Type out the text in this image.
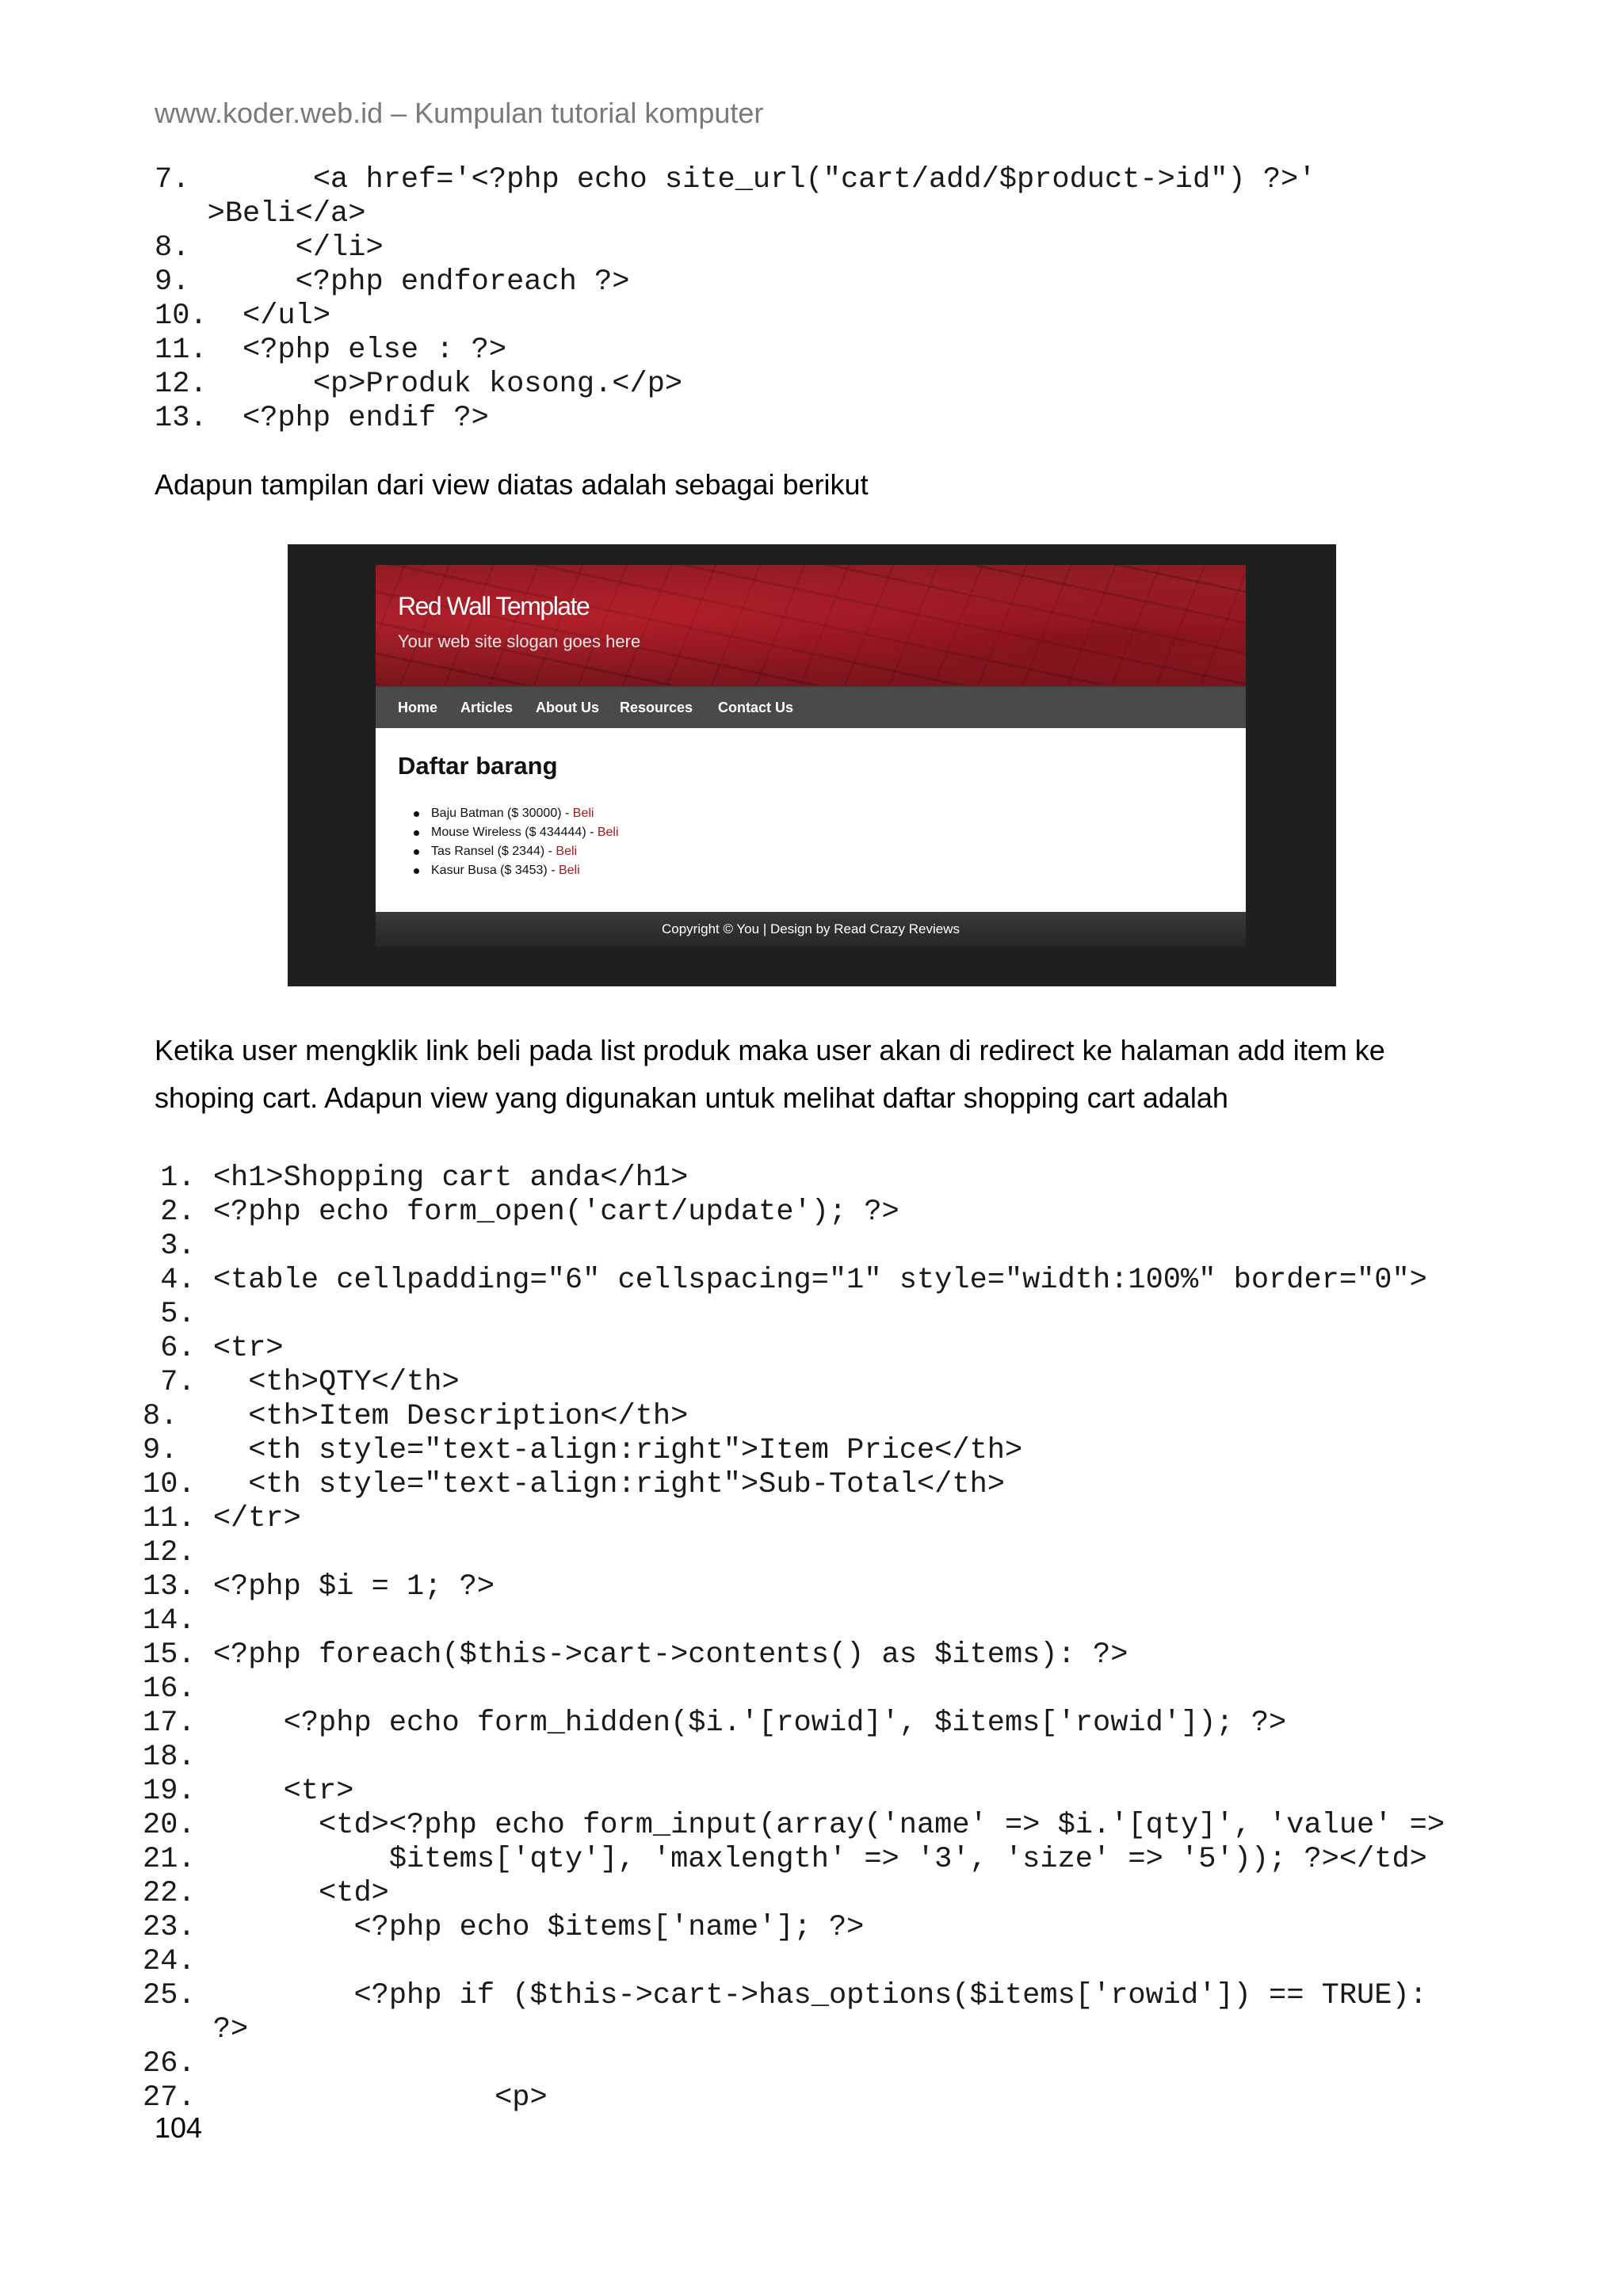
www.koder.web.id – Kumpulan tutorial komputer
7.       <a href='<?php echo site_url("cart/add/$product->id") ?>'
>Beli</a>
8.      </li>
9.      <?php endforeach ?>
10.  </ul>
11.  <?php else : ?>
12.      <p>Produk kosong.</p>
13.  <?php endif ?>
Adapun tampilan dari view diatas adalah sebagai berikut
Red Wall Template
Your web site slogan goes here
Home Articles About Us Resources Contact Us
Daftar barang
Baju Batman ($ 30000) - Beli
Mouse Wireless ($ 434444) - Beli
Tas Ransel ($ 2344) - Beli
Kasur Busa ($ 3453) - Beli
Copyright © You | Design by Read Crazy Reviews
Ketika user mengklik link beli pada list produk maka user akan di redirect ke halaman add item ke shoping cart. Adapun view yang digunakan untuk melihat daftar shopping cart adalah
1. <h1>Shopping cart anda</h1>
2. <?php echo form_open('cart/update'); ?>
3.
4. <table cellpadding="6" cellspacing="1" style="width:100%" border="0">
5.
6. <tr>
7.   <th>QTY</th>
8.    <th>Item Description</th>
9.    <th style="text-align:right">Item Price</th>
10.   <th style="text-align:right">Sub-Total</th>
11. </tr>
12.
13. <?php $i = 1; ?>
14.
15. <?php foreach($this->cart->contents() as $items): ?>
16.
17.     <?php echo form_hidden($i.'[rowid]', $items['rowid']); ?>
18.
19.     <tr>
20.       <td><?php echo form_input(array('name' => $i.'[qty]', 'value' =>
21.           $items['qty'], 'maxlength' => '3', 'size' => '5')); ?></td>
22.       <td>
23.         <?php echo $items['name']; ?>
24.
25.         <?php if ($this->cart->has_options($items['rowid']) == TRUE):
?>
26.
27.                 <p>
104
